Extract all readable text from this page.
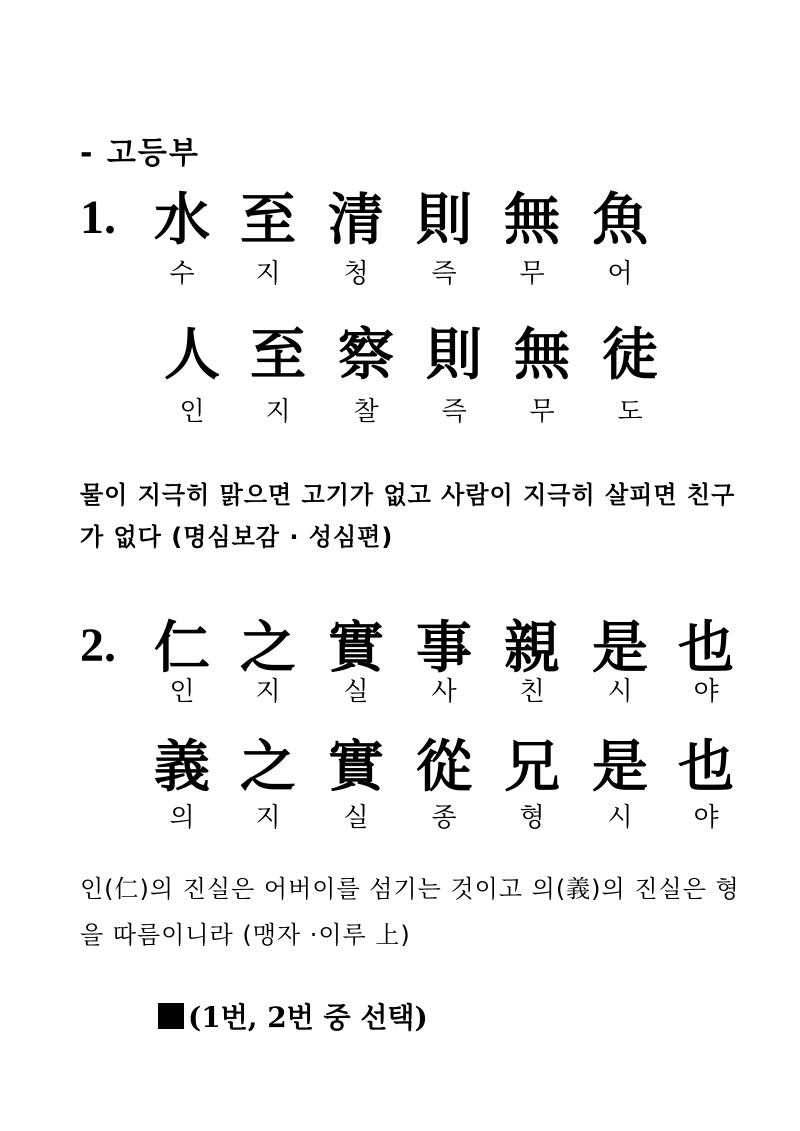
- 고등부
1. 水 至 清 則 無 魚
수	지	청	즉	무	어
人 至 察 則 無 徒
인	지	찰	즉	무	도

물이 지극히 맑으면 고기가 없고 사람이 지극히 살피면 친구가 없다 (명심보감 · 성심편)

2. 仁 之 實 事 親 是 也
인	지	실	사	친	시	야
義 之 實 從 兄 是 也
의	지	실	종	형	시	야

인(仁)의 진실은 어버이를 섬기는 것이고 의(義)의 진실은 형을 따름이니라 (맹자 ·이루 上)

(1번, 2번 중 선택)
